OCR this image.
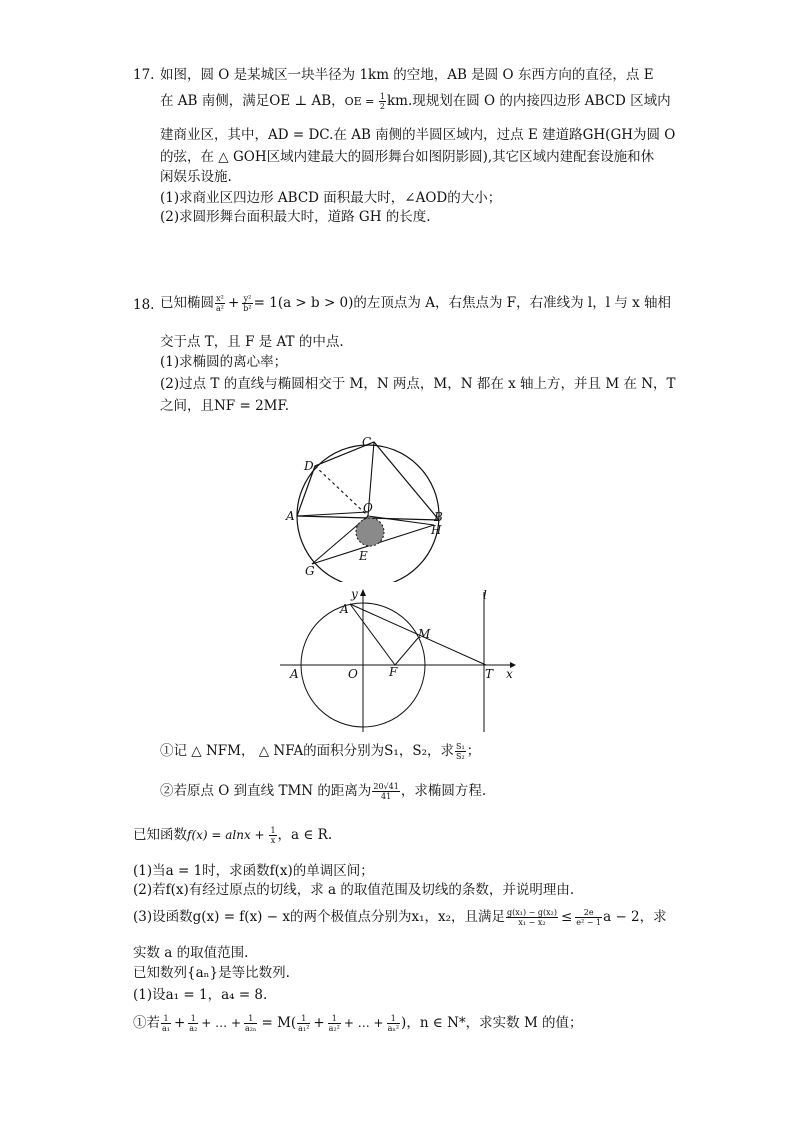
17. 如图，圆 O 是某城区一块半径为 1km 的空地，AB 是圆 O 东西方向的直径，点 E
在 AB 南侧，满足OE ⊥ AB，OE = $\frac{1}{2}$ km.现规划在圆 O 的内接四边形 ABCD 区域内
建商业区，其中，AD = DC.在 AB 南侧的半圆区域内，过点 E 建道路GH(GH为圆 O
的弦，在 △ GOH区域内建最大的圆形舞台如图阴影圆),其它区域内建配套设施和休
闲娱乐设施.
(1)求商业区四边形 ABCD 面积最大时，∠AOD的大小；
(2)求圆形舞台面积最大时，道路 GH 的长度.
18. 已知椭圆 $\frac{\text{x²}}{\text{a²}} + \frac{\text{y²}}{\text{b²}} = 1(a > b > 0)$的左顶点为 A，右焦点为 F，右准线为 l，l 与 x 轴相
交于点 T，且 F 是 AT 的中点.
(1)求椭圆的离心率；
(2)过点 T 的直线与椭圆相交于 M，N 两点，M，N 都在 x 轴上方，并且 M 在 N，T
之间，且NF = 2MF.
C
D
O
A	B
H
E
G
y	l
A
M
A	O	F	T x
①记 △ NFM， △ NFA的面积分别为S₁，S₂，求 $\frac{\text{S₁}}{\text{S₂}}$ ；
②若原点 O 到直线 TMN 的距离为 $\frac{20√41}{41}$ ，求椭圆方程.
已知函数$f(x) = alnx + \frac{1}{x}$ ，a ∈ R.
(1)当a = 1时，求函数f(x)的单调区间；
(2)若f(x)有经过原点的切线，求 a 的取值范围及切线的条数，并说明理由.
(3)设函数g(x) = f(x) − x的两个极值点分别为x₁，x₂，且满足 $\frac{\text{g(x₁) − g(x₂)}}{\text{x₁ − x₂}} \le \frac{2e}{\text{e² − 1}}$ a − 2，求
实数 a 的取值范围.
已知数列{aₙ}是等比数列.
(1)设a₁ = 1，a₄ = 8.
①若 $\frac{1}{\text{a₁}} + \frac{1}{\text{a₂}}$ + … + $\frac{1}{\text{a₂ₙ}} = M( \frac{1}{\text{a₁²}} + \frac{1}{\text{a₂²}}$ + … + $\frac{1}{\text{aₙ²}}$ )，n ∈ N*，求实数 M 的值；
